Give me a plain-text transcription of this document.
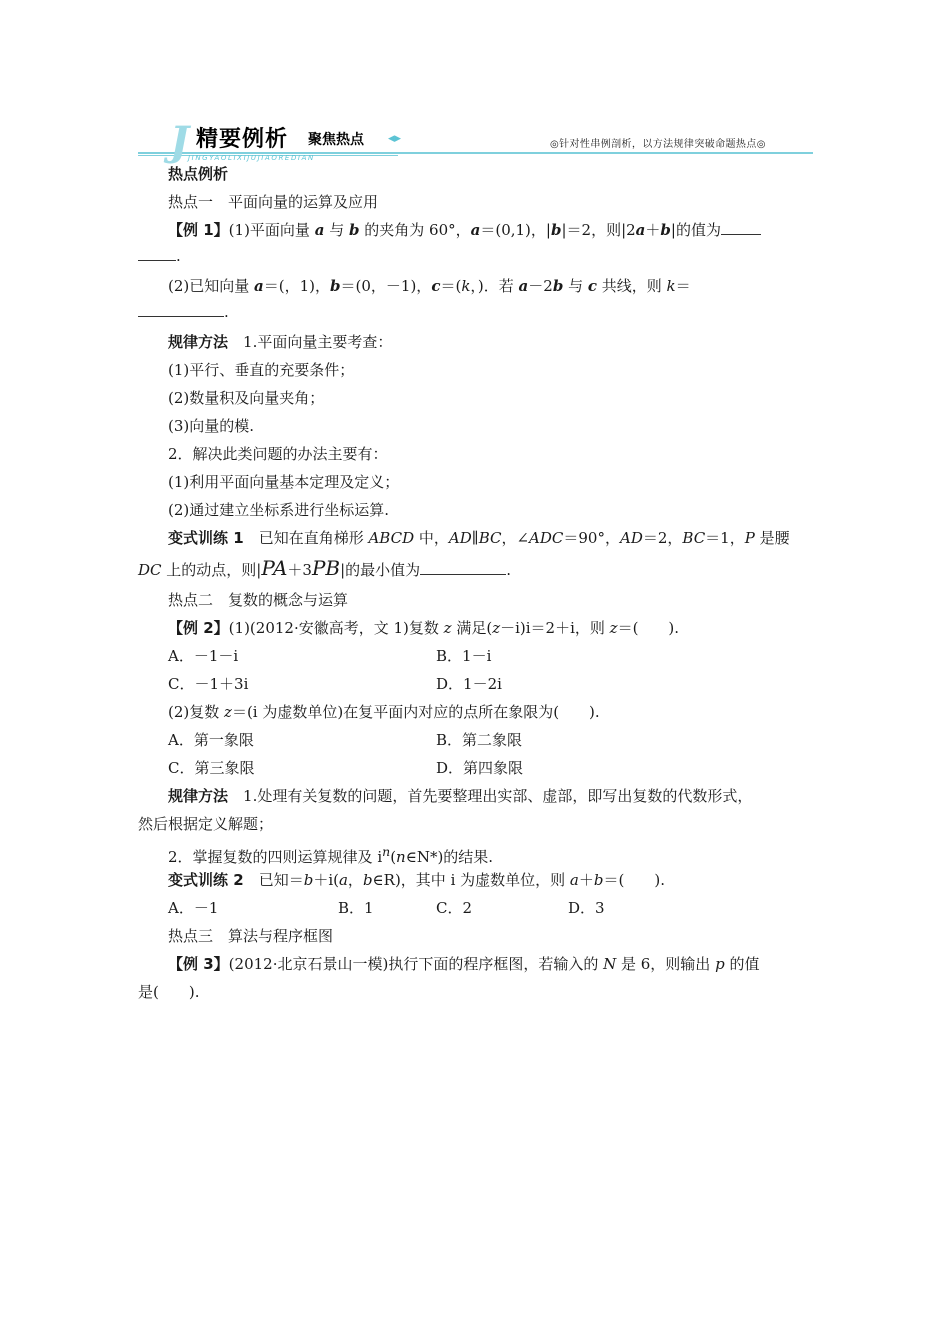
J 精要例析 聚焦热点 ◂▸	◎针对性串例剖析，以方法规律突破命题热点◎
JINGYAOLIXIJUJIAOREDIAN
热点例析
热点一　平面向量的运算及应用
【例 1】(1)平面向量 a 与 b 的夹角为 60°，a＝(0,1)，|b|＝2，则|2a＋b|的值为
.
(2)已知向量 a＝(，1)，b＝(0，－1)，c＝(k，)．若 a－2b 与 c 共线，则 k＝
.
规律方法　 1.平面向量主要考查：
(1)平行、垂直的充要条件；
(2)数量积及向量夹角；
(3)向量的模.
2．解决此类问题的办法主要有：
(1)利用平面向量基本定理及定义；
(2)通过建立坐标系进行坐标运算.
变式训练 1　 已知在直角梯形 ABCD 中，AD∥BC，∠ADC＝90°，AD＝2，BC＝1，P 是腰
DC 上的动点，则|PA＋3PB|的最小值为	.
热点二　复数的概念与运算
【例 2】(1)(2012·安徽高考，文 1)复数 z 满足(z－i)i＝2＋i，则 z＝(　　).
A．－1－i	B．1－i
C．－1＋3i	D．1－2i
(2)复数 z＝(i 为虚数单位)在复平面内对应的点所在象限为(　　).
A．第一象限	B．第二象限
C．第三象限	D．第四象限
规律方法　 1.处理有关复数的问题，首先要整理出实部、虚部，即写出复数的代数形式，
然后根据定义解题；
2．掌握复数的四则运算规律及 $i^n(n\in N*)$的结果.
变式训练 2　 已知＝b＋i(a，b∈R)，其中 i 为虚数单位，则 a＋b＝(　　).
A．－1	B．1	C．2	D．3
热点三　算法与程序框图
【例 3】(2012·北京石景山一模)执行下面的程序框图，若输入的 N 是 6，则输出 p 的值
是(　　).
